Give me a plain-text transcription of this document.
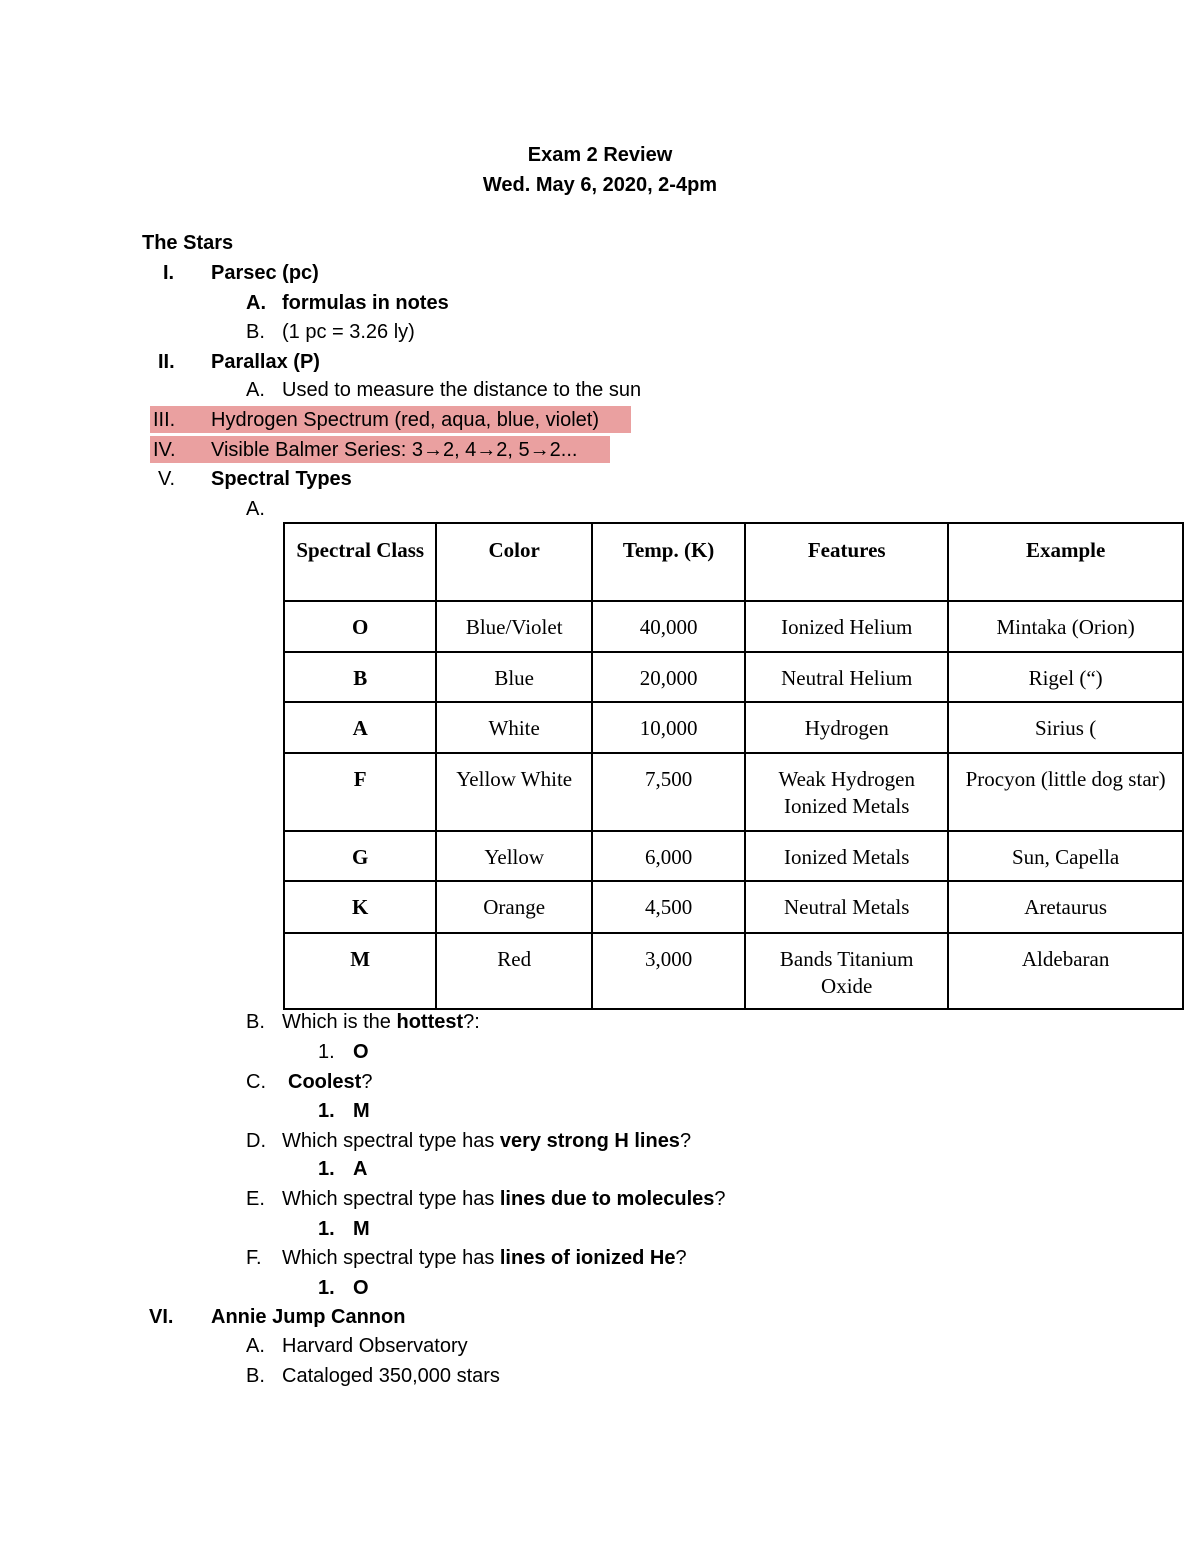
Exam 2 Review
Wed. May 6, 2020, 2-4pm
The Stars
I. Parsec (pc)
A. formulas in notes
B. (1 pc = 3.26 ly)
II. Parallax (P)
A. Used to measure the distance to the sun
III. Hydrogen Spectrum (red, aqua, blue, violet)
IV. Visible Balmer Series: 3→2, 4→2, 5→2...
V. Spectral Types
A.
Spectral Class	Color	Temp. (K)	Features	Example
O	Blue/Violet	40,000	Ionized Helium	Mintaka (Orion)
B	Blue	20,000	Neutral Helium	Rigel (“)
A	White	10,000	Hydrogen	Sirius (
F	Yellow White	7,500	Weak Hydrogen Ionized Metals	Procyon (little dog star)
G	Yellow	6,000	Ionized Metals	Sun, Capella
K	Orange	4,500	Neutral Metals	Aretaurus
M	Red	3,000	Bands Titanium Oxide	Aldebaran
B. Which is the hottest?:
1. O
C. Coolest?
1. M
D. Which spectral type has very strong H lines?
1. A
E. Which spectral type has lines due to molecules?
1. M
F. Which spectral type has lines of ionized He?
1. O
VI. Annie Jump Cannon
A. Harvard Observatory
B. Cataloged 350,000 stars
